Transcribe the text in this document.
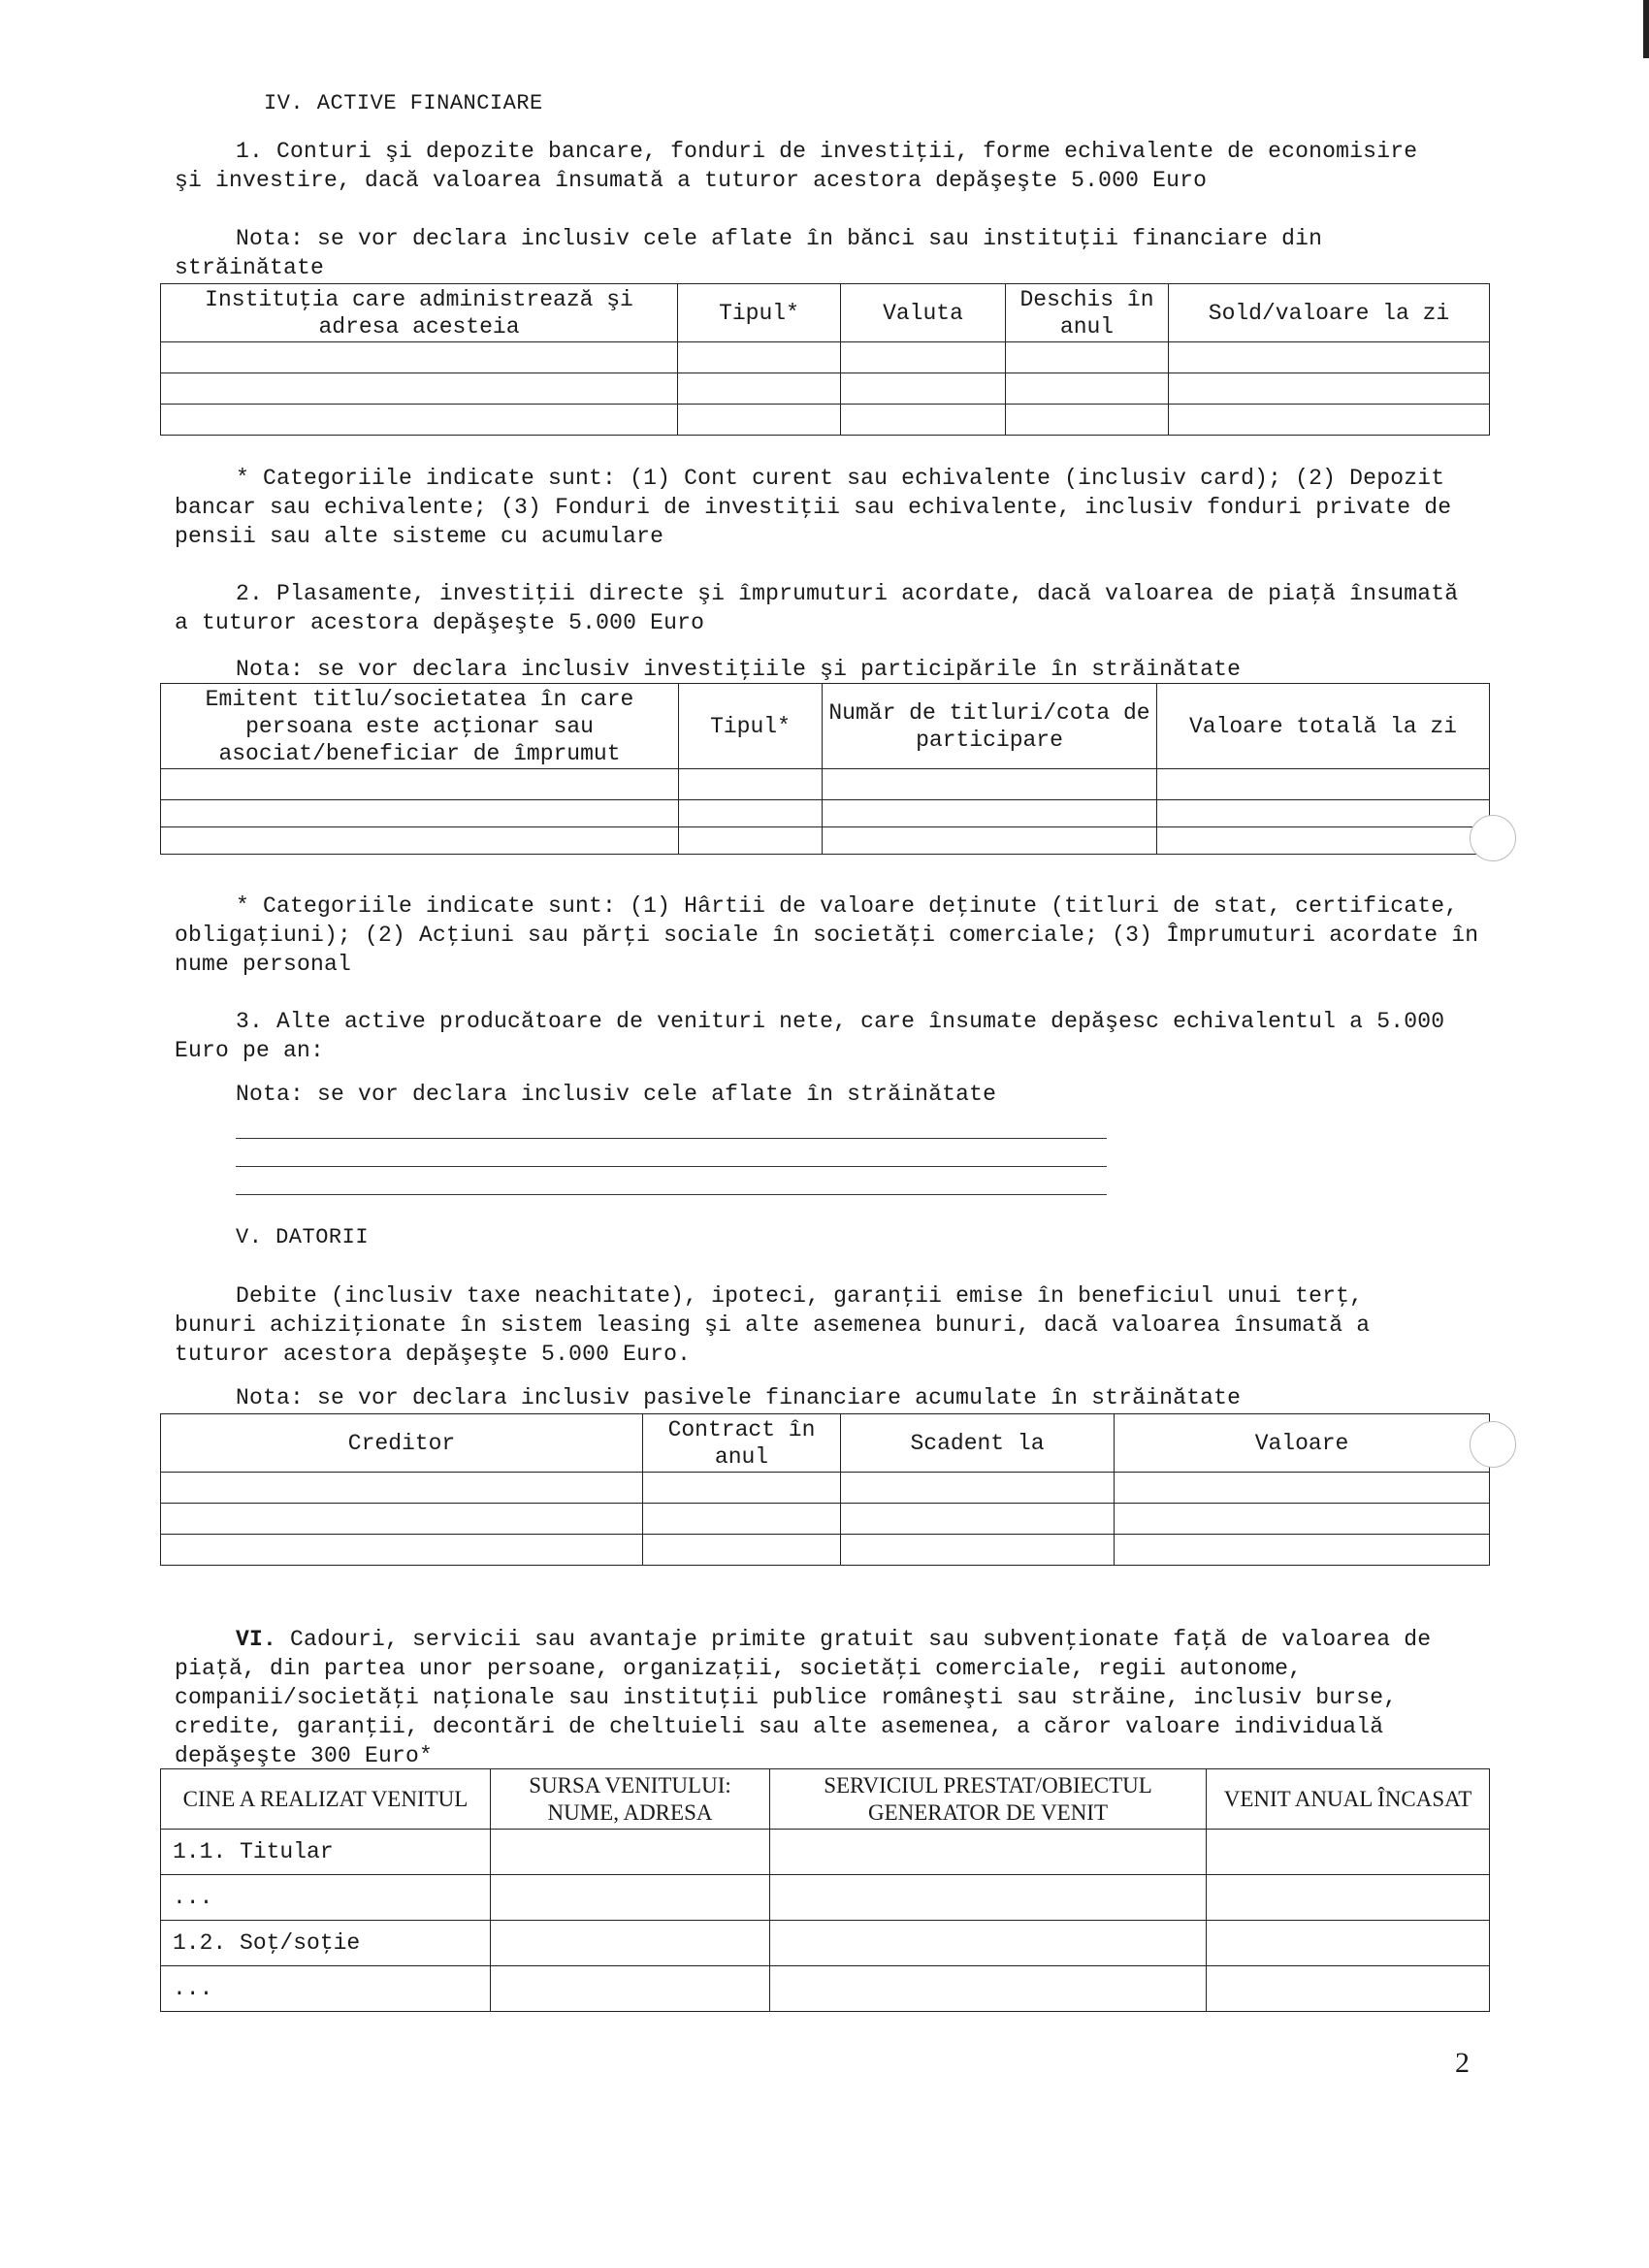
IV. ACTIVE FINANCIARE

1. Conturi şi depozite bancare, fonduri de investiţii, forme echivalente de economisire şi investire, dacă valoarea însumată a tuturor acestora depăşeşte 5.000 Euro

Nota: se vor declara inclusiv cele aflate în bănci sau instituţii financiare din străinătate

Instituţia care administrează şi adresa acesteia	Tipul*	Valuta	Deschis în anul	Sold/valoare la zi

* Categoriile indicate sunt: (1) Cont curent sau echivalente (inclusiv card); (2) Depozit bancar sau echivalente; (3) Fonduri de investiţii sau echivalente, inclusiv fonduri private de pensii sau alte sisteme cu acumulare

2. Plasamente, investiţii directe şi împrumuturi acordate, dacă valoarea de piaţă însumată a tuturor acestora depăşeşte 5.000 Euro

Nota: se vor declara inclusiv investiţiile şi participările în străinătate

Emitent titlu/societatea în care persoana este acţionar sau asociat/beneficiar de împrumut	Tipul*	Număr de titluri/cota de participare	Valoare totală la zi

* Categoriile indicate sunt: (1) Hârtii de valoare deţinute (titluri de stat, certificate, obligaţiuni); (2) Acţiuni sau părţi sociale în societăţi comerciale; (3) Împrumuturi acordate în nume personal

3. Alte active producătoare de venituri nete, care însumate depăşesc echivalentul a 5.000 Euro pe an:

Nota: se vor declara inclusiv cele aflate în străinătate

V. DATORII

Debite (inclusiv taxe neachitate), ipoteci, garanţii emise în beneficiul unui terţ, bunuri achiziţionate în sistem leasing şi alte asemenea bunuri, dacă valoarea însumată a tuturor acestora depăşeşte 5.000 Euro.

Nota: se vor declara inclusiv pasivele financiare acumulate în străinătate

Creditor	Contract în anul	Scadent la	Valoare

VI. Cadouri, servicii sau avantaje primite gratuit sau subvenţionate faţă de valoarea de piaţă, din partea unor persoane, organizaţii, societăţi comerciale, regii autonome, companii/societăţi naţionale sau instituţii publice româneşti sau străine, inclusiv burse, credite, garanţii, decontări de cheltuieli sau alte asemenea, a căror valoare individuală depăşeşte 300 Euro*

CINE A REALIZAT VENITUL	SURSA VENITULUI: NUME, ADRESA	SERVICIUL PRESTAT/OBIECTUL GENERATOR DE VENIT	VENIT ANUAL ÎNCASAT
1.1. Titular			
...			
1.2. Soţ/soţie			
...			

2
